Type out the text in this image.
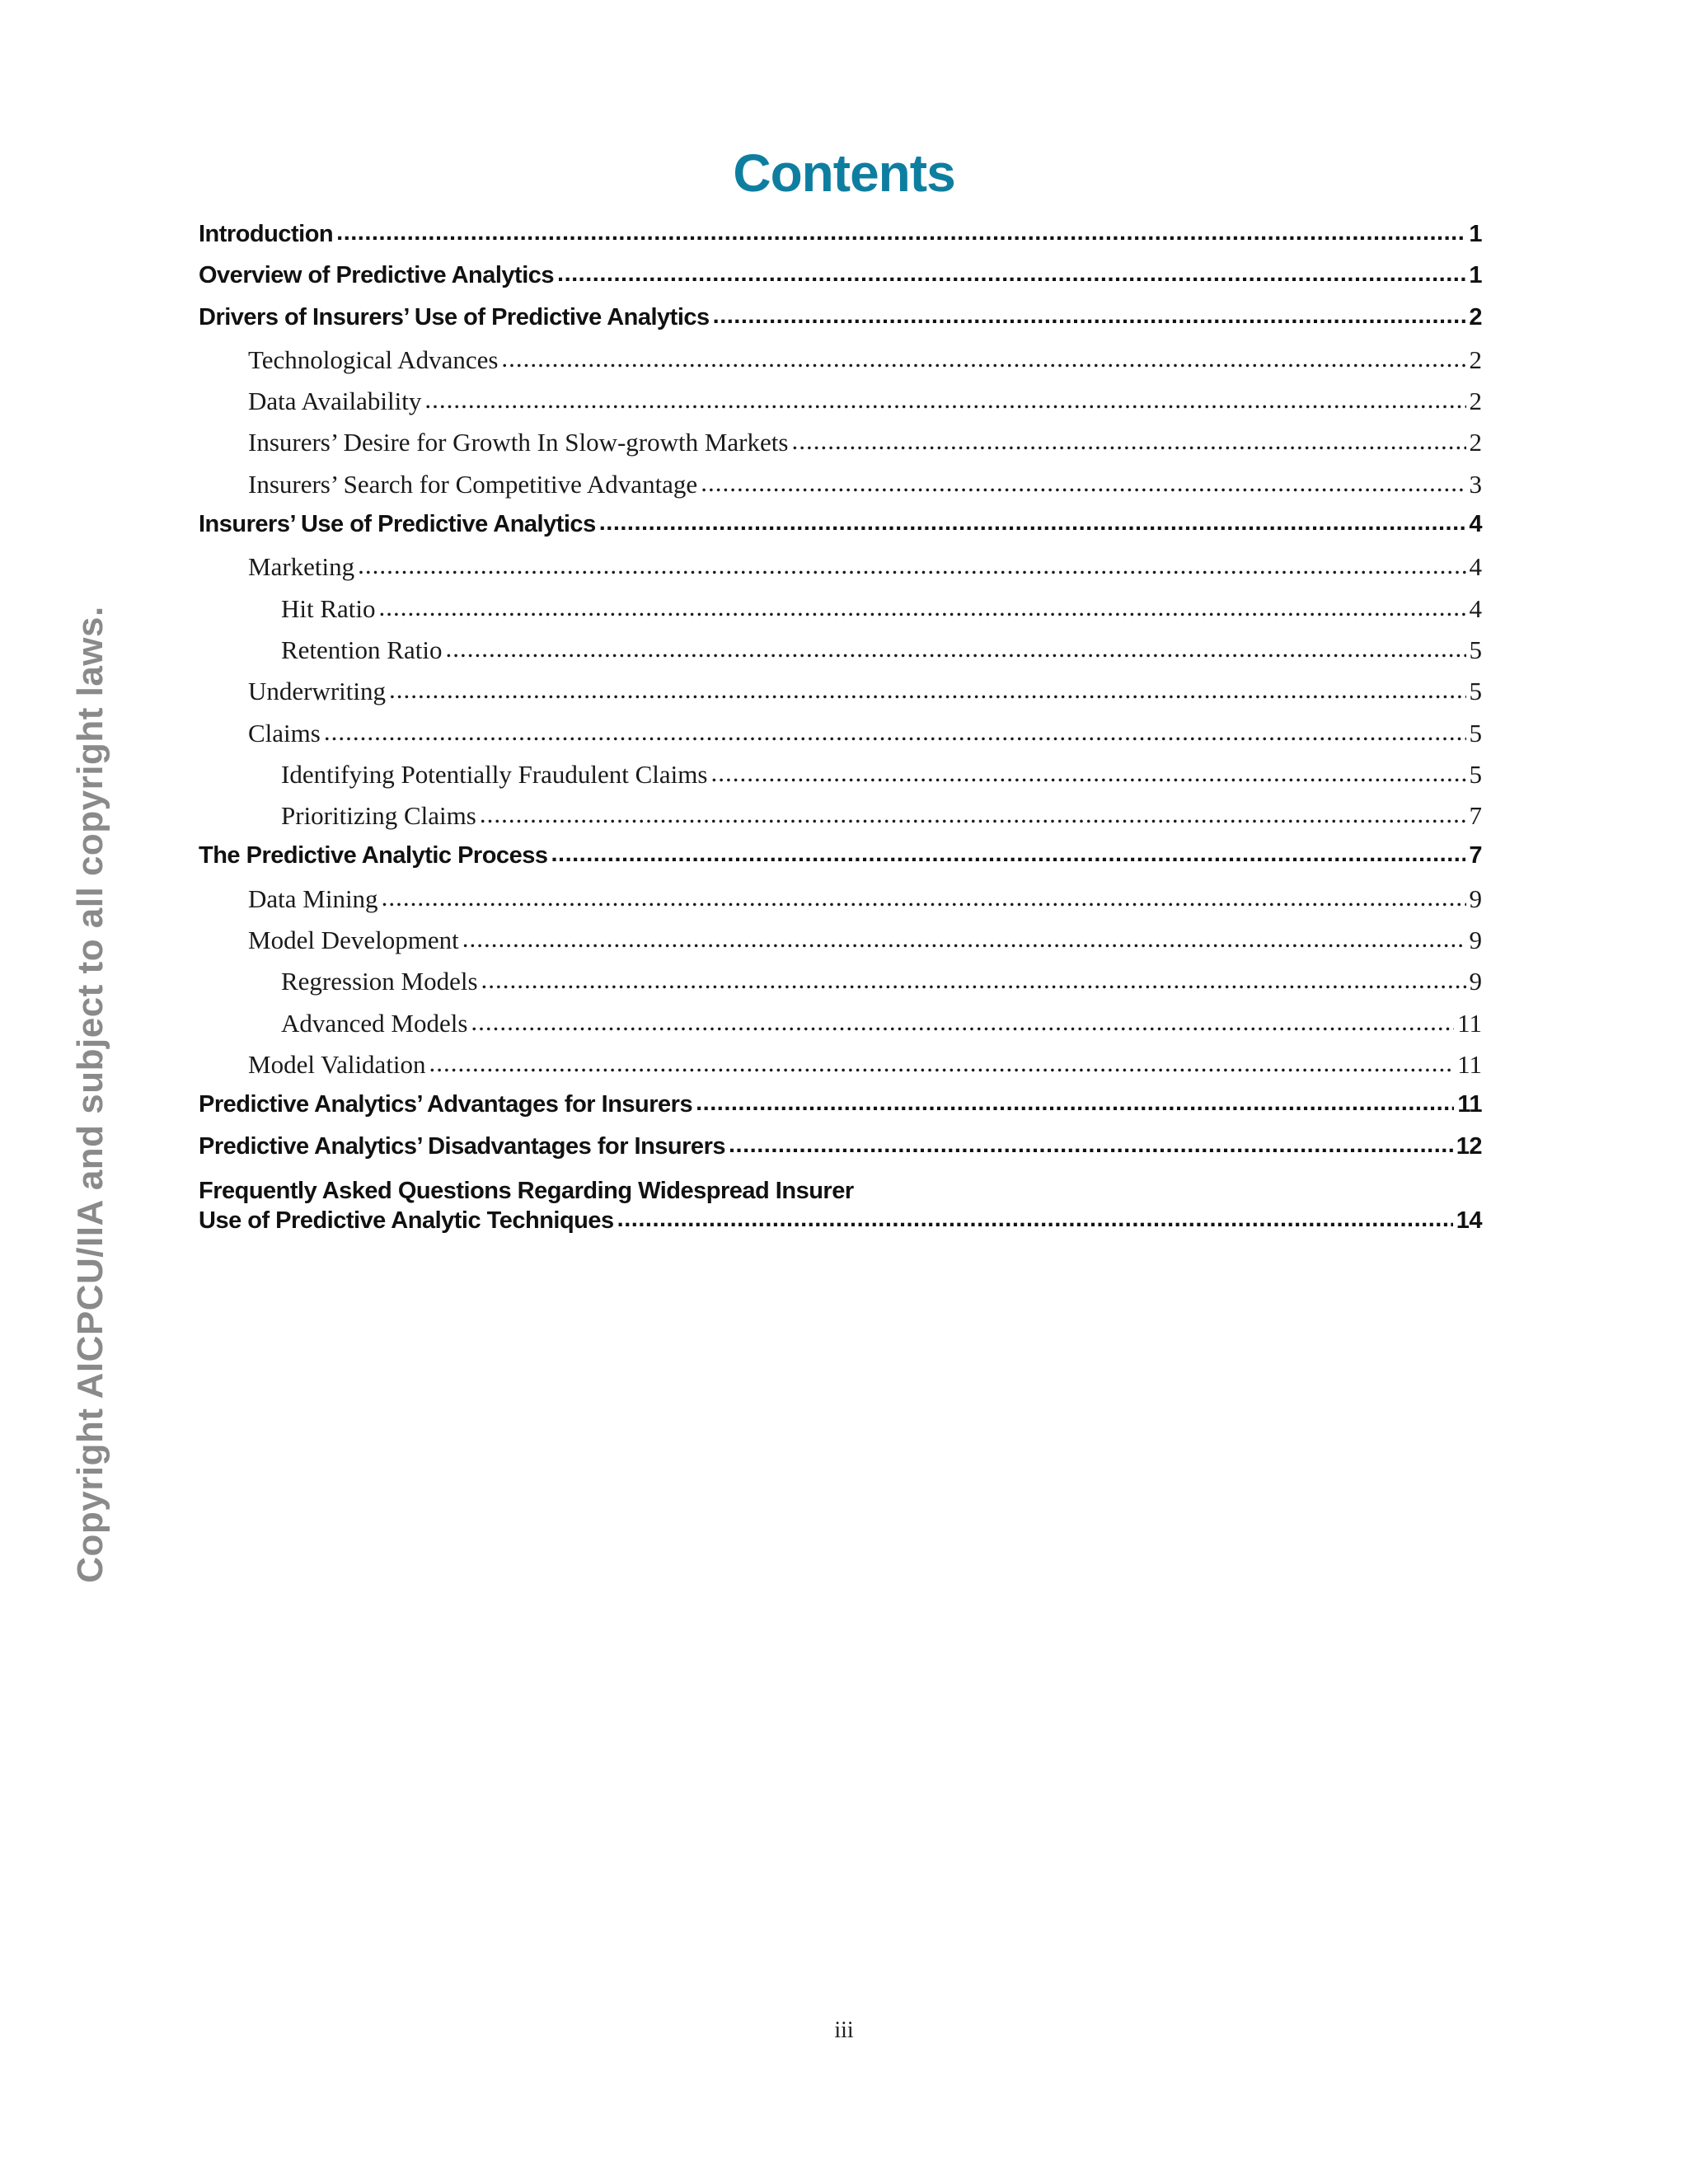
Contents
Introduction .....	1
Overview of Predictive Analytics .....	1
Drivers of Insurers’ Use of Predictive Analytics .....	2
Technological Advances .....	2
Data Availability .....	2
Insurers’ Desire for Growth In Slow-growth Markets .....	2
Insurers’ Search for Competitive Advantage .....	3
Insurers’ Use of Predictive Analytics .....	4
Marketing .....	4
Hit Ratio .....	4
Retention Ratio .....	5
Underwriting .....	5
Claims .....	5
Identifying Potentially Fraudulent Claims .....	5
Prioritizing Claims .....	7
The Predictive Analytic Process .....	7
Data Mining .....	9
Model Development .....	9
Regression Models .....	9
Advanced Models .....	11
Model Validation .....	11
Predictive Analytics’ Advantages for Insurers .....	11
Predictive Analytics’ Disadvantages for Insurers .....	12
Frequently Asked Questions Regarding Widespread Insurer
Use of Predictive Analytic Techniques .....	14
Copyright AICPCU/IIA and subject to all copyright laws.
iii
